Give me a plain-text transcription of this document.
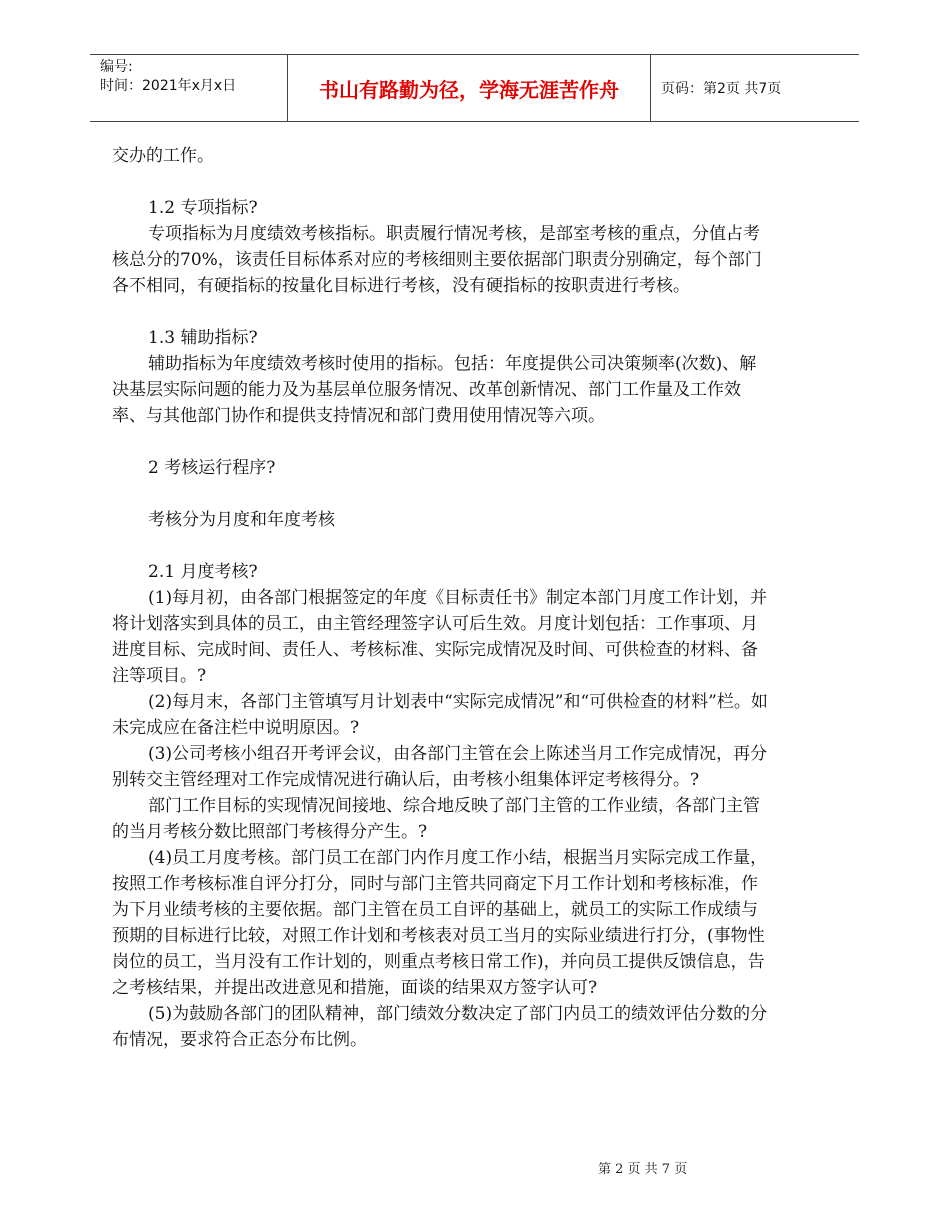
编号:
时间：2021年x月x日	书山有路勤为径，学海无涯苦作舟	页码：第2页 共7页

交办的工作。

1.2 专项指标?

专项指标为月度绩效考核指标。职责履行情况考核，是部室考核的重点，分值占考核总分的70%，该责任目标体系对应的考核细则主要依据部门职责分别确定，每个部门各不相同，有硬指标的按量化目标进行考核，没有硬指标的按职责进行考核。

1.3 辅助指标?

辅助指标为年度绩效考核时使用的指标。包括：年度提供公司决策频率(次数)、解决基层实际问题的能力及为基层单位服务情况、改革创新情况、部门工作量及工作效率、与其他部门协作和提供支持情况和部门费用使用情况等六项。

2 考核运行程序?

考核分为月度和年度考核

2.1 月度考核?

(1)每月初，由各部门根据签定的年度《目标责任书》制定本部门月度工作计划，并将计划落实到具体的员工，由主管经理签字认可后生效。月度计划包括：工作事项、月进度目标、完成时间、责任人、考核标准、实际完成情况及时间、可供检查的材料、备注等项目。?

(2)每月末，各部门主管填写月计划表中“实际完成情况”和“可供检查的材料”栏。如未完成应在备注栏中说明原因。?

(3)公司考核小组召开考评会议，由各部门主管在会上陈述当月工作完成情况，再分别转交主管经理对工作完成情况进行确认后，由考核小组集体评定考核得分。?

部门工作目标的实现情况间接地、综合地反映了部门主管的工作业绩，各部门主管的当月考核分数比照部门考核得分产生。?

(4)员工月度考核。部门员工在部门内作月度工作小结，根据当月实际完成工作量，按照工作考核标准自评分打分，同时与部门主管共同商定下月工作计划和考核标准，作为下月业绩考核的主要依据。部门主管在员工自评的基础上，就员工的实际工作成绩与预期的目标进行比较，对照工作计划和考核表对员工当月的实际业绩进行打分，(事物性岗位的员工，当月没有工作计划的，则重点考核日常工作)，并向员工提供反馈信息，告之考核结果，并提出改进意见和措施，面谈的结果双方签字认可?

(5)为鼓励各部门的团队精神，部门绩效分数决定了部门内员工的绩效评估分数的分布情况，要求符合正态分布比例。

第 2 页 共 7 页
